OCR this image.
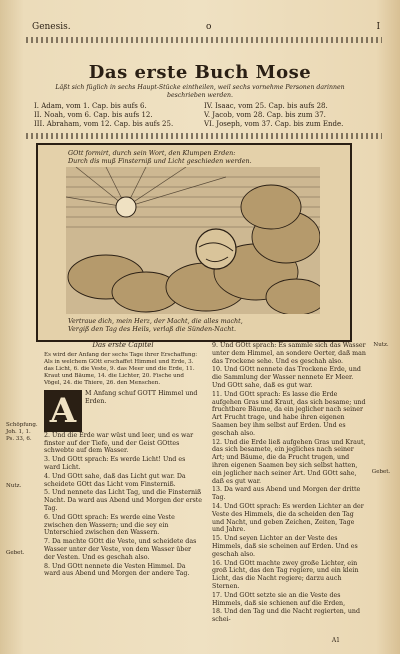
Genesis.	o	I
Das erste Buch Mose
Läßt sich füglich in sechs Haupt-Stücke eintheilen, weil sechs vornehme Personen darinnen beschrieben werden.
I. Adam, vom 1. Cap. bis aufs 6.
II. Noah, vom 6. Cap. bis aufs 12.
III. Abraham, vom 12. Cap. bis aufs 25.
IV. Isaac, vom 25. Cap. bis aufs 28.
V. Jacob, vom 28. Cap. bis zum 37.
VI. Joseph, vom 37. Cap. bis zum Ende.
GOtt formirt, durch sein Wort, den Klumpen Erden:
Durch dis muß Finsterniß und Licht geschieden werden.
Vertraue dich, mein Herz, der Macht, die alles macht,
Vergiß den Tag des Heils, verlaß die Sünden-Nacht.
Schöpfung.
Joh. 1, 1.
Ps. 33, 6.
Nutz.
Gebet.
Das erste Capitel
Es wird der Anfang der sechs Tage ihrer Erschaffung: Als in welchem GOtt erschaffet Himmel und Erde, 3. das Licht, 6. die Veste, 9. das Meer und die Erde, 11. Kraut und Bäume, 14. die Lichter, 20. Fische und Vögel, 24. die Thiere, 26. den Menschen.
A	M Anfang schuf GOTT Himmel und Erden.
2. Und die Erde war wüst und leer, und es war finster auf der Tiefe, und der Geist GOttes schwebte auf dem Wasser.
3. Und GOtt sprach: Es werde Licht! Und es ward Licht.
4. Und GOtt sahe, daß das Licht gut war. Da scheidete GOtt das Licht vom Finsterniß.
5. Und nennete das Licht Tag, und die Finsterniß Nacht. Da ward aus Abend und Morgen der erste Tag.
6. Und GOtt sprach: Es werde eine Veste zwischen den Wassern; und die sey ein Unterschied zwischen den Wassern.
7. Da machte GOtt die Veste, und scheidete das Wasser unter der Veste, von dem Wasser über der Vesten. Und es geschah also.
8. Und GOtt nennete die Vesten Himmel. Da ward aus Abend und Morgen der andere Tag.
9. Und GOtt sprach: Es sammle sich das Wasser unter dem Himmel, an sondere Oerter, daß man das Trockene sehe. Und es geschah also.
10. Und GOtt nennete das Trockene Erde, und die Sammlung der Wasser nennete Er Meer. Und GOtt sahe, daß es gut war.
11. Und GOtt sprach: Es lasse die Erde aufgehen Gras und Kraut, das sich besame; und fruchtbare Bäume, da ein jeglicher nach seiner Art Frucht trage, und habe ihren eigenen Saamen bey ihm selbst auf Erden. Und es geschah also.
12. Und die Erde ließ aufgehen Gras und Kraut, das sich besamete, ein jegliches nach seiner Art; und Bäume, die da Frucht trugen, und ihren eigenen Saamen bey sich selbst hatten, ein jeglicher nach seiner Art. Und GOtt sahe, daß es gut war.
13. Da ward aus Abend und Morgen der dritte Tag.
14. Und GOtt sprach: Es werden Lichter an der Veste des Himmels, die da scheiden den Tag und Nacht, und geben Zeichen, Zeiten, Tage und Jahre.
15. Und seyen Lichter an der Veste des Himmels, daß sie scheinen auf Erden. Und es geschah also.
16. Und GOtt machte zwey große Lichter, ein groß Licht, das den Tag regiere, und ein klein Licht, das die Nacht regiere; darzu auch Sternen.
17. Und GOtt setzte sie an die Veste des Himmels, daß sie schienen auf die Erden,
18. Und den Tag und die Nacht regierten, und schei-
Nutz.
Gebet.
A1
